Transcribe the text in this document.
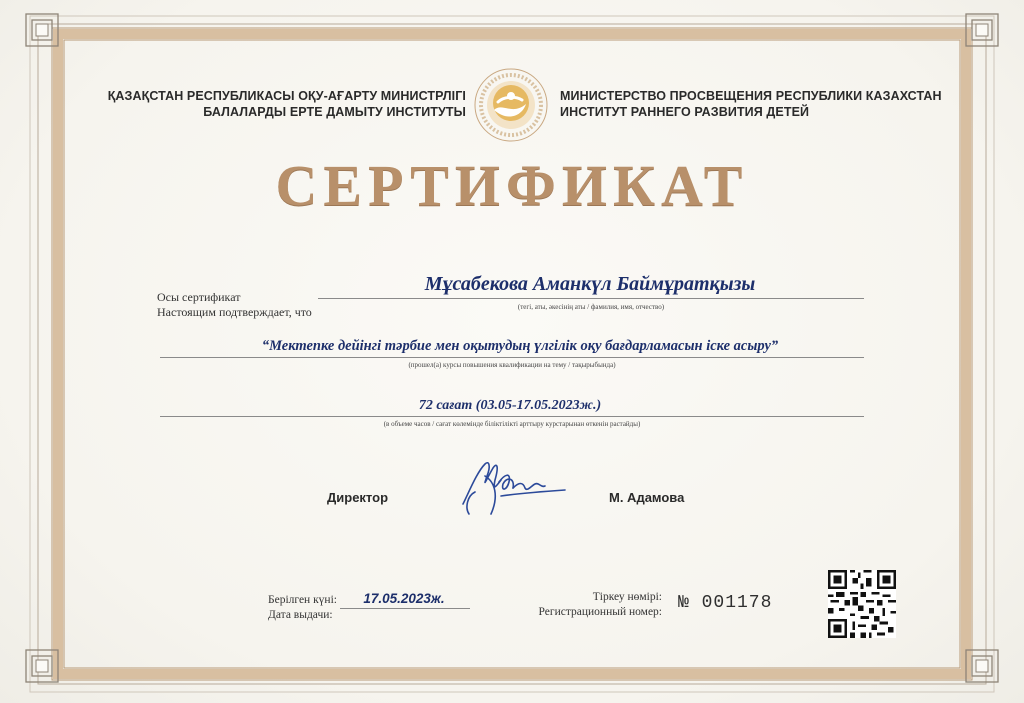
ҚАЗАҚСТАН РЕСПУБЛИКАСЫ ОҚУ-АҒАРТУ МИНИСТРЛІГІ
БАЛАЛАРДЫ ЕРТЕ ДАМЫТУ ИНСТИТУТЫ
МИНИСТЕРСТВО ПРОСВЕЩЕНИЯ РЕСПУБЛИКИ КАЗАХСТАН
ИНСТИТУТ РАННЕГО РАЗВИТИЯ ДЕТЕЙ
СЕРТИФИКАТ
Осы сертификат
Настоящим подтверждает, что
Мұсабекова Аманкүл Баймұратқызы
(тегі, аты, әкесінің аты / фамилия, имя, отчество)
“Мектепке дейінгі тәрбие мен оқытудың үлгілік оқу бағдарламасын іске асыру”
(прошел(а) курсы повышения квалификации на тему / тақырыбында)
72 сағат (03.05-17.05.2023ж.)
(в объеме часов / сағат көлемінде біліктілікті арттыру курстарынан өткенін растайды)
Директор	М. Адамова
Берілген күні:
Дата выдачи:
17.05.2023ж.	Тіркеу нөмірі:
Регистрационный номер: № 001178
